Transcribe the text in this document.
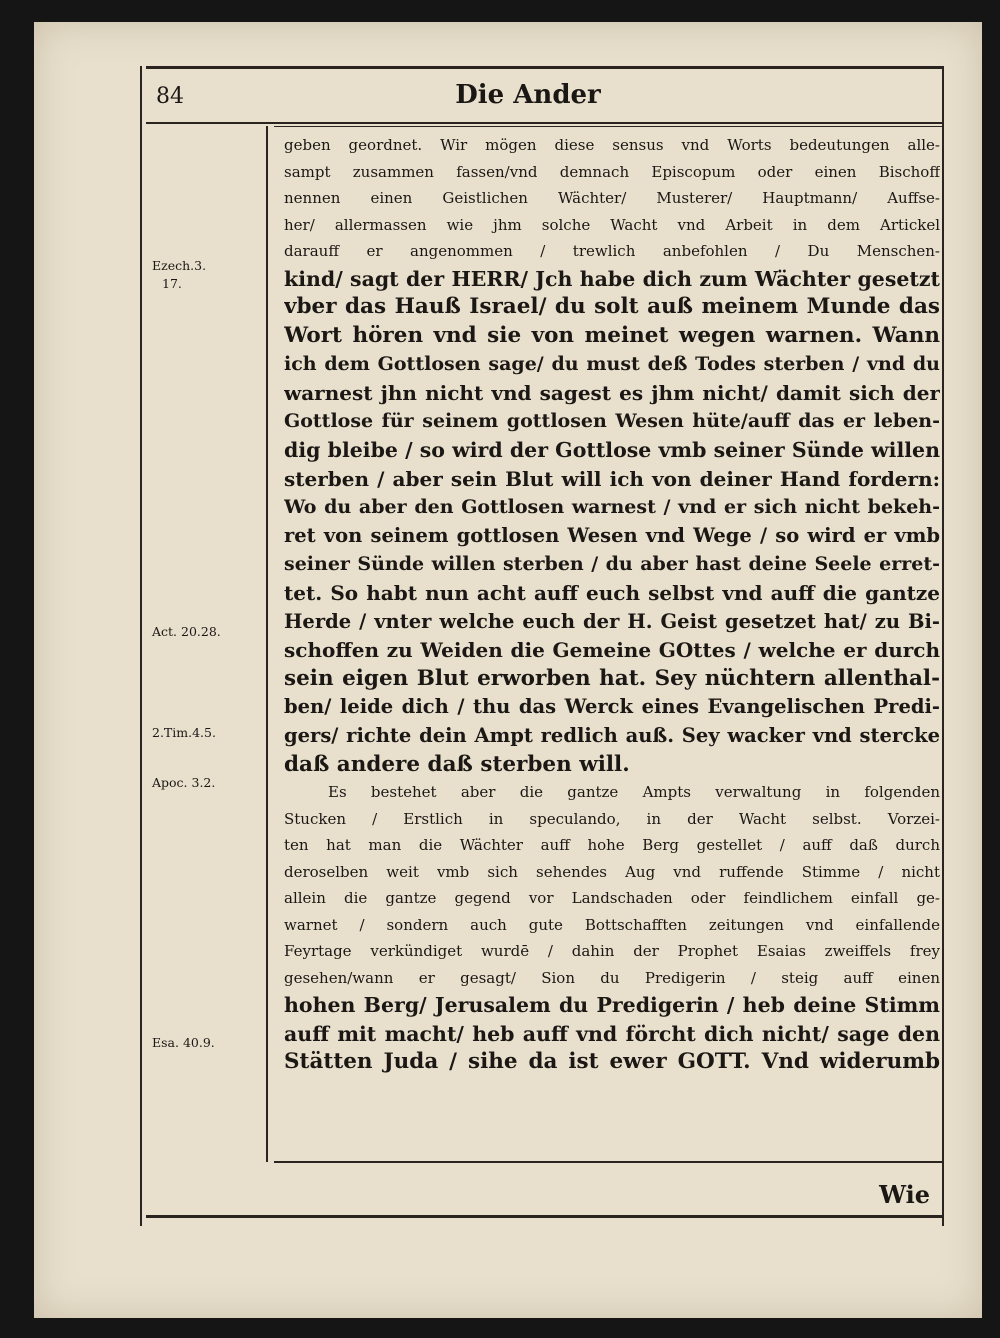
84	Die Ander
Ezech.3.
17.
Act. 20.28.
2.Tim.4.5.
Apoc. 3.2.
Esa. 40.9.
geben geordnet. Wir mögen diese sensus vnd Worts bedeutungen alle-
sampt zusammen fassen/vnd demnach Episcopum oder einen Bischoff
nennen einen Geistlichen Wächter/ Musterer/ Hauptmann/ Auffse-
her/ allermassen wie jhm solche Wacht vnd Arbeit in dem Artickel
darauff er angenommen / trewlich anbefohlen / Du Menschen-
kind/ sagt der HERR/ Jch habe dich zum Wächter gesetzt
vber das Hauß Israel/ du solt auß meinem Munde das
Wort hören vnd sie von meinet wegen warnen. Wann
ich dem Gottlosen sage/ du must deß Todes sterben / vnd du
warnest jhn nicht vnd sagest es jhm nicht/ damit sich der
Gottlose für seinem gottlosen Wesen hüte/auff das er leben-
dig bleibe / so wird der Gottlose vmb seiner Sünde willen
sterben / aber sein Blut will ich von deiner Hand fordern:
Wo du aber den Gottlosen warnest / vnd er sich nicht bekeh-
ret von seinem gottlosen Wesen vnd Wege / so wird er vmb
seiner Sünde willen sterben / du aber hast deine Seele erret-
tet. So habt nun acht auff euch selbst vnd auff die gantze
Herde / vnter welche euch der H. Geist gesetzet hat/ zu Bi-
schoffen zu Weiden die Gemeine GOttes / welche er durch
sein eigen Blut erworben hat. Sey nüchtern allenthal-
ben/ leide dich / thu das Werck eines Evangelischen Predi-
gers/ richte dein Ampt redlich auß. Sey wacker vnd stercke
daß andere daß sterben will.
Es bestehet aber die gantze Ampts verwaltung in folgenden
Stucken / Erstlich in speculando, in der Wacht selbst. Vorzei-
ten hat man die Wächter auff hohe Berg gestellet / auff daß durch
deroselben weit vmb sich sehendes Aug vnd ruffende Stimme / nicht
allein die gantze gegend vor Landschaden oder feindlichem einfall ge-
warnet / sondern auch gute Bottschafften zeitungen vnd einfallende
Feyrtage verkündiget wurdē / dahin der Prophet Esaias zweiffels frey
gesehen/wann er gesagt/ Sion du Predigerin / steig auff einen
hohen Berg/ Jerusalem du Predigerin / heb deine Stimm
auff mit macht/ heb auff vnd förcht dich nicht/ sage den
Stätten Juda / sihe da ist ewer GOTT. Vnd widerumb
Wie
